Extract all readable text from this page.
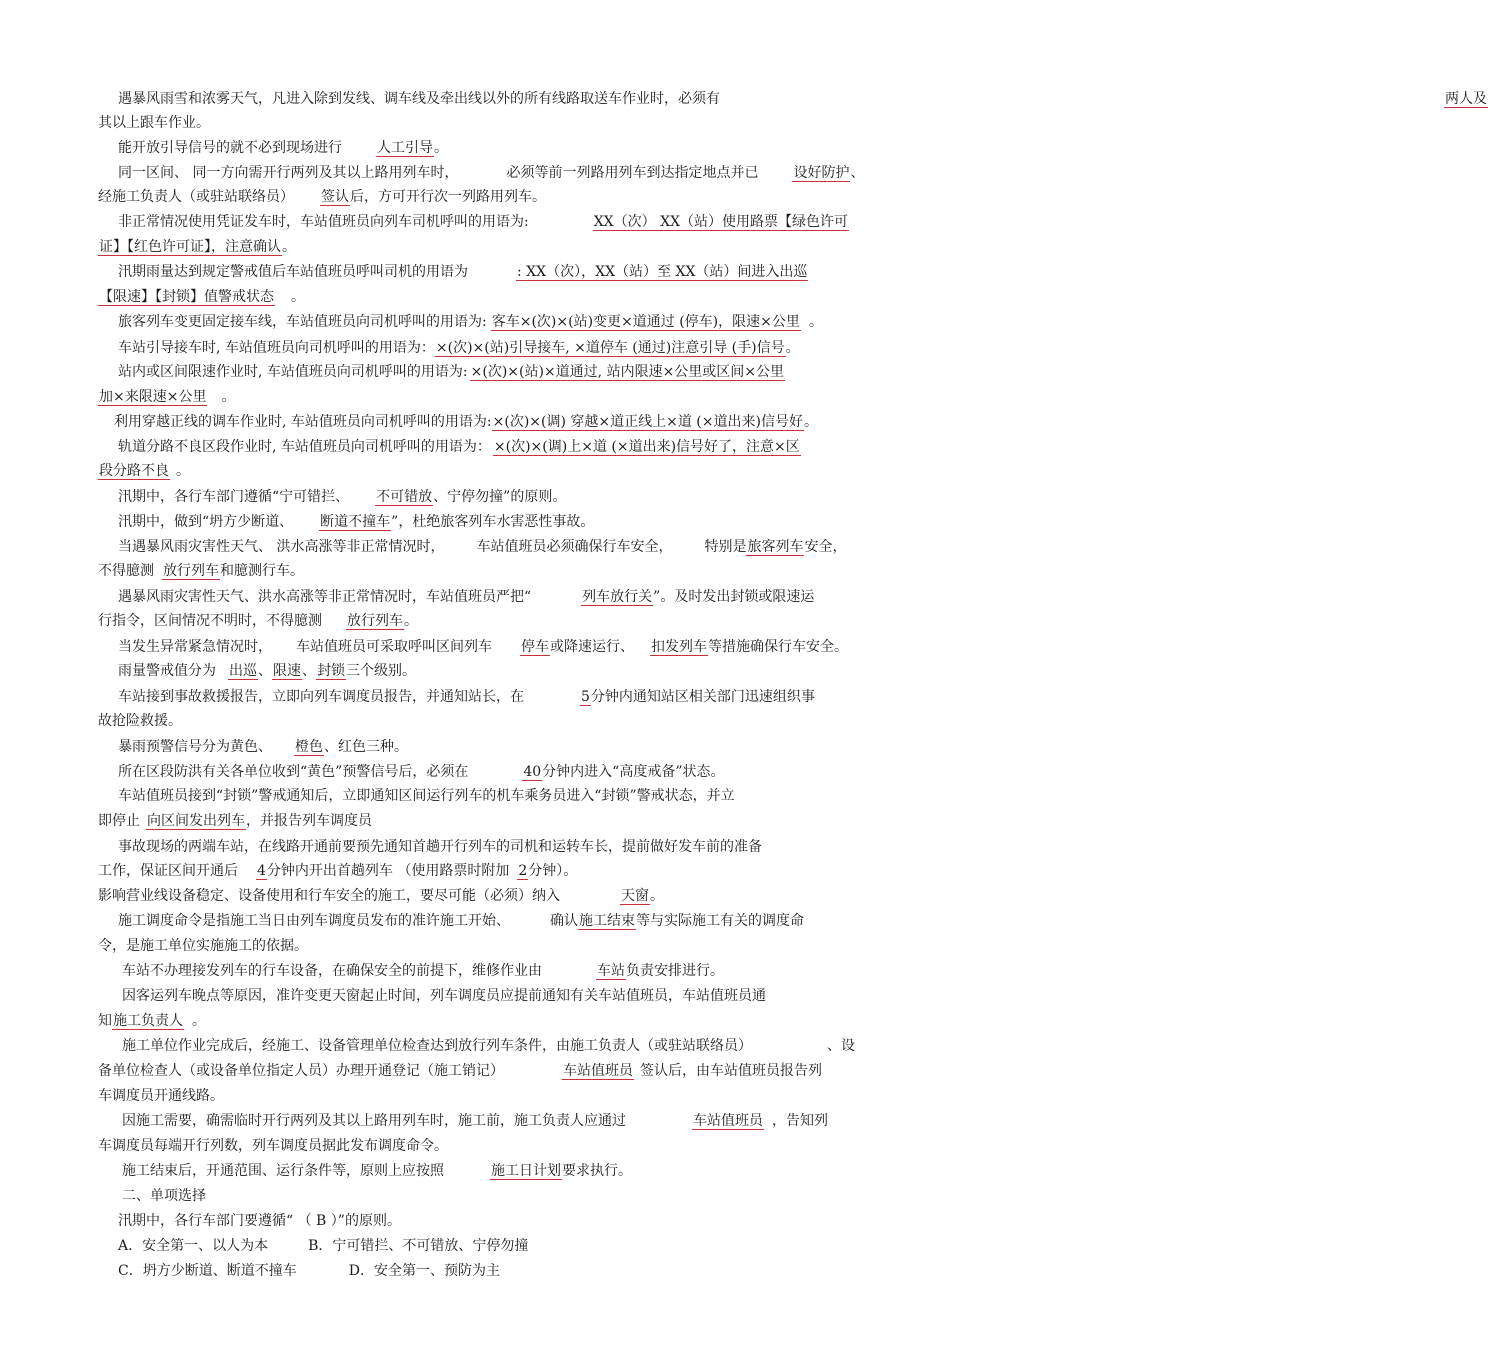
遇暴风雨雪和浓雾天气，凡进入除到发线、调车线及牵出线以外的所有线路取送车作业时，必须有	两人及
其以上跟车作业。
能开放引导信号的就不必到现场进行	人工引导。
同一区间、 同一方向需开行两列及其以上路用列车时，	必须等前一列路用列车到达指定地点并已	设好防护、
经施工负责人（或驻站联络员） 签认后，方可开行次一列路用列车。
非正常情况使用凭证发车时，车站值班员向列车司机呼叫的用语为:	XX（次） XX（站）使用路票【绿色许可
证】【红色许可证】，注意确认。
汛期雨量达到规定警戒值后车站值班员呼叫司机的用语为	: XX（次），XX（站）至 XX（站）间进入出巡
【限速】【封锁】值警戒状态 。
旅客列车变更固定接车线，车站值班员向司机呼叫的用语为: 客车×(次)×(站)变更×道通过 (停车)，限速×公里 。
车站引导接车时, 车站值班员向司机呼叫的用语为：×(次)×(站)引导接车, ×道停车 (通过)注意引导 (手)信号。
站内或区间限速作业时, 车站值班员向司机呼叫的用语为: ×(次)×(站)×道通过, 站内限速×公里或区间×公里
加×来限速×公里 。
利用穿越正线的调车作业时, 车站值班员向司机呼叫的用语为:×(次)×(调) 穿越×道正线上×道 (×道出来)信号好。
轨道分路不良区段作业时, 车站值班员向司机呼叫的用语为： ×(次)×(调)上×道 (×道出来)信号好了，注意×区
段分路不良 。
汛期中，各行车部门遵循“宁可错拦、 不可错放、宁停勿撞”的原则。
汛期中，做到“坍方少断道、 断道不撞车”，杜绝旅客列车水害恶性事故。
当遇暴风雨灾害性天气、 洪水高涨等非正常情况时， 车站值班员必须确保行车安全， 特别是旅客列车安全，
不得臆测 放行列车和臆测行车。
遇暴风雨灾害性天气、洪水高涨等非正常情况时，车站值班员严把“	列车放行关”。及时发出封锁或限速运
行指令，区间情况不明时，不得臆测 放行列车。
当发生异常紧急情况时， 车站值班员可采取呼叫区间列车 停车或降速运行、 扣发列车等措施确保行车安全。
雨量警戒值分为 出巡、限速、封锁三个级别。
车站接到事故救援报告，立即向列车调度员报告，并通知站长，在	5分钟内通知站区相关部门迅速组织事
故抢险救援。
暴雨预警信号分为黄色、 橙色、红色三种。
所在区段防洪有关各单位收到“黄色”预警信号后，必须在	40分钟内进入“高度戒备”状态。
车站值班员接到“封锁”警戒通知后，立即通知区间运行列车的机车乘务员进入“封锁”警戒状态，并立
即停止 向区间发出列车，并报告列车调度员
事故现场的两端车站，在线路开通前要预先通知首趟开行列车的司机和运转车长，提前做好发车前的准备
工作，保证区间开通后 4分钟内开出首趟列车 （使用路票时附加 2分钟）。
影响营业线设备稳定、设备使用和行车安全的施工，要尽可能（必须）纳入	天窗。
施工调度命令是指施工当日由列车调度员发布的准许施工开始、	确认施工结束等与实际施工有关的调度命
令，是施工单位实施施工的依据。
车站不办理接发列车的行车设备，在确保安全的前提下，维修作业由	车站负责安排进行。
因客运列车晚点等原因，准许变更天窗起止时间，列车调度员应提前通知有关车站值班员，车站值班员通
知施工负责人 。
施工单位作业完成后，经施工、设备管理单位检查达到放行列车条件，由施工负责人（或驻站联络员）	、设
备单位检查人（或设备单位指定人员）办理开通登记（施工销记）	车站值班员 签认后，由车站值班员报告列
车调度员开通线路。
因施工需要，确需临时开行两列及其以上路用列车时，施工前，施工负责人应通过	车站值班员 ，告知列
车调度员每端开行列数，列车调度员据此发布调度命令。
施工结束后，开通范围、运行条件等，原则上应按照	施工日计划要求执行。
二、单项选择
汛期中，各行车部门要遵循“ （ B ）”的原则。
A．安全第一、以人为本	B．宁可错拦、不可错放、宁停勿撞
C．坍方少断道、断道不撞车	D．安全第一、预防为主
